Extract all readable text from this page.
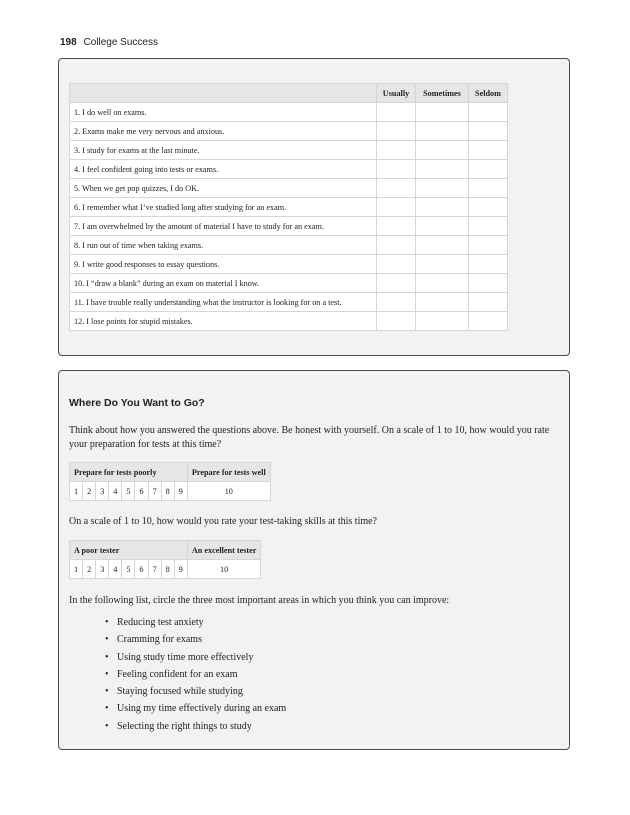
198 College Success
	Usually	Sometimes	Seldom
1. I do well on exams.			
2. Exams make me very nervous and anxious.			
3. I study for exams at the last minute.			
4. I feel confident going into tests or exams.			
5. When we get pop quizzes, I do OK.			
6. I remember what I’ve studied long after studying for an exam.			
7. I am overwhelmed by the amount of material I have to study for an exam.			
8. I run out of time when taking exams.			
9. I write good responses to essay questions.			
10. I “draw a blank” during an exam on material I know.			
11. I have trouble really understanding what the instructor is looking for on a test.			
12. I lose points for stupid mistakes.			
Where Do You Want to Go?

Think about how you answered the questions above. Be honest with yourself. On a scale of 1 to 10, how would you rate your preparation for tests at this time?

Prepare for tests poorly									Prepare for tests well
1	2	3	4	5	6	7	8	9	10

On a scale of 1 to 10, how would you rate your test-taking skills at this time?

A poor tester									An excellent tester
1	2	3	4	5	6	7	8	9	10

In the following list, circle the three most important areas in which you think you can improve:

• Reducing test anxiety
• Cramming for exams
• Using study time more effectively
• Feeling confident for an exam
• Staying focused while studying
• Using my time effectively during an exam
• Selecting the right things to study
